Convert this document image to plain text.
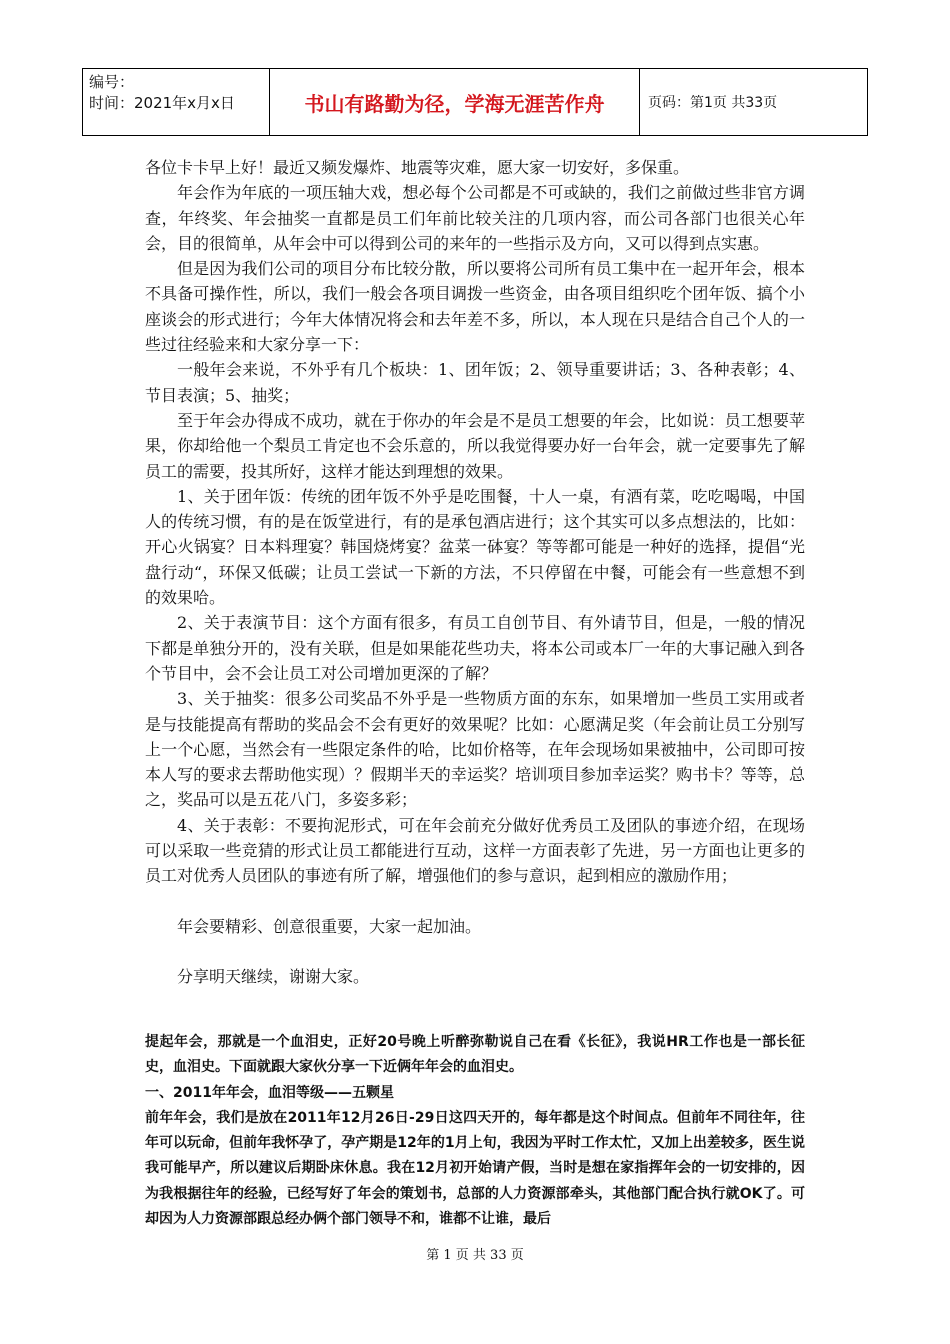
编号：
时间：2021年x月x日	书山有路勤为径，学海无涯苦作舟	页码：第1页 共33页

各位卡卡早上好！最近又频发爆炸、地震等灾难，愿大家一切安好，多保重。

年会作为年底的一项压轴大戏，想必每个公司都是不可或缺的，我们之前做过些非官方调查，年终奖、年会抽奖一直都是员工们年前比较关注的几项内容，而公司各部门也很关心年会，目的很简单，从年会中可以得到公司的来年的一些指示及方向，又可以得到点实惠。

但是因为我们公司的项目分布比较分散，所以要将公司所有员工集中在一起开年会，根本不具备可操作性，所以，我们一般会各项目调拨一些资金，由各项目组织吃个团年饭、搞个小座谈会的形式进行；今年大体情况将会和去年差不多，所以，本人现在只是结合自己个人的一些过往经验来和大家分享一下：

一般年会来说，不外乎有几个板块：1、团年饭；2、领导重要讲话；3、各种表彰；4、节目表演；5、抽奖；

至于年会办得成不成功，就在于你办的年会是不是员工想要的年会，比如说：员工想要苹果，你却给他一个梨员工肯定也不会乐意的，所以我觉得要办好一台年会，就一定要事先了解员工的需要，投其所好，这样才能达到理想的效果。

1、关于团年饭：传统的团年饭不外乎是吃围餐，十人一桌，有酒有菜，吃吃喝喝，中国人的传统习惯，有的是在饭堂进行，有的是承包酒店进行；这个其实可以多点想法的，比如：开心火锅宴？日本料理宴？韩国烧烤宴？盆菜一砵宴？等等都可能是一种好的选择，提倡“光盘行动“，环保又低碳；让员工尝试一下新的方法，不只停留在中餐，可能会有一些意想不到的效果哈。

2、关于表演节目：这个方面有很多，有员工自创节目、有外请节目，但是，一般的情况下都是单独分开的，没有关联，但是如果能花些功夫，将本公司或本厂一年的大事记融入到各个节目中，会不会让员工对公司增加更深的了解？

3、关于抽奖：很多公司奖品不外乎是一些物质方面的东东，如果增加一些员工实用或者是与技能提高有帮助的奖品会不会有更好的效果呢？比如：心愿满足奖（年会前让员工分别写上一个心愿，当然会有一些限定条件的哈，比如价格等，在年会现场如果被抽中，公司即可按本人写的要求去帮助他实现）？假期半天的幸运奖？培训项目参加幸运奖？购书卡？等等，总之，奖品可以是五花八门，多姿多彩；

4、关于表彰：不要拘泥形式，可在年会前充分做好优秀员工及团队的事迹介绍，在现场可以采取一些竞猜的形式让员工都能进行互动，这样一方面表彰了先进，另一方面也让更多的员工对优秀人员团队的事迹有所了解，增强他们的参与意识，起到相应的激励作用；

年会要精彩、创意很重要，大家一起加油。

分享明天继续，谢谢大家。

提起年会，那就是一个血泪史，正好20号晚上听醉弥勒说自己在看《长征》，我说HR工作也是一部长征史，血泪史。下面就跟大家伙分享一下近俩年年会的血泪史。

一、2011年年会，血泪等级——五颗星

前年年会，我们是放在2011年12月26日-29日这四天开的，每年都是这个时间点。但前年不同往年，往年可以玩命，但前年我怀孕了，孕产期是12年的1月上旬，我因为平时工作太忙，又加上出差较多，医生说我可能早产，所以建议后期卧床休息。我在12月初开始请产假，当时是想在家指挥年会的一切安排的，因为我根据往年的经验，已经写好了年会的策划书，总部的人力资源部牵头，其他部门配合执行就OK了。可却因为人力资源部跟总经办俩个部门领导不和，谁都不让谁，最后

第 1 页 共 33 页
